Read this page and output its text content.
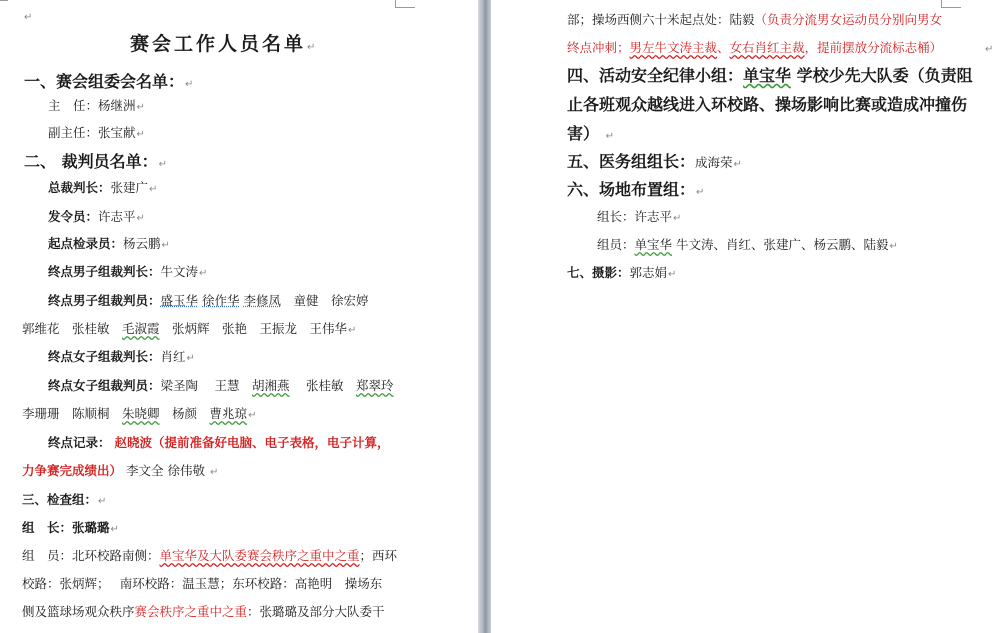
↵
赛会工作人员名单↵
一、赛会组委会名单：↵
主　任：杨继洲↵
副主任：张宝献↵
二、 裁判员名单：↵
总裁判长：张建广↵
发令员：许志平↵
起点检录员：杨云鹏↵
终点男子组裁判长：牛文涛↵
终点男子组裁判员：盛玉华 徐作华 李修凤　 童健　徐宏婷
郭维花　张桂敏　毛淑霞　张炳辉　张艳　王振龙　王伟华↵
终点女子组裁判长：肖红↵
终点女子组裁判员：梁圣陶　 王慧　胡湘燕　 张桂敏　郑翠玲
李珊珊　陈顺桐　朱晓卿　杨颜　曹兆琼↵
终点记录： 赵晓波（提前准备好电脑、电子表格，电子计算，
力争赛完成绩出） 李文全 徐伟敬 ↵
三、检查组：↵
组　长：张璐璐↵
组　员：北环校路南侧：单宝华及大队委赛会秩序之重中之重；西环
校路：张炳辉；　 南环校路：温玉慧；东环校路：高艳明　操场东
侧及篮球场观众秩序赛会秩序之重中之重：张璐璐及部分大队委干
部；操场西侧六十米起点处：陆毅（负责分流男女运动员分别向男女
终点冲刺；男左牛文涛主裁、女右肖红主裁，提前摆放分流标志桶）	↵
四、活动安全纪律小组：单宝华 学校少先大队委（负责阻
止各班观众越线进入环校路、操场影响比赛或造成冲撞伤
害） ↵
五、医务组组长：成海荣↵
六、场地布置组：↵
组长：许志平↵
组员：单宝华 牛文涛、肖红、张建广、杨云鹏、陆毅↵
七、摄影：郭志娟↵
